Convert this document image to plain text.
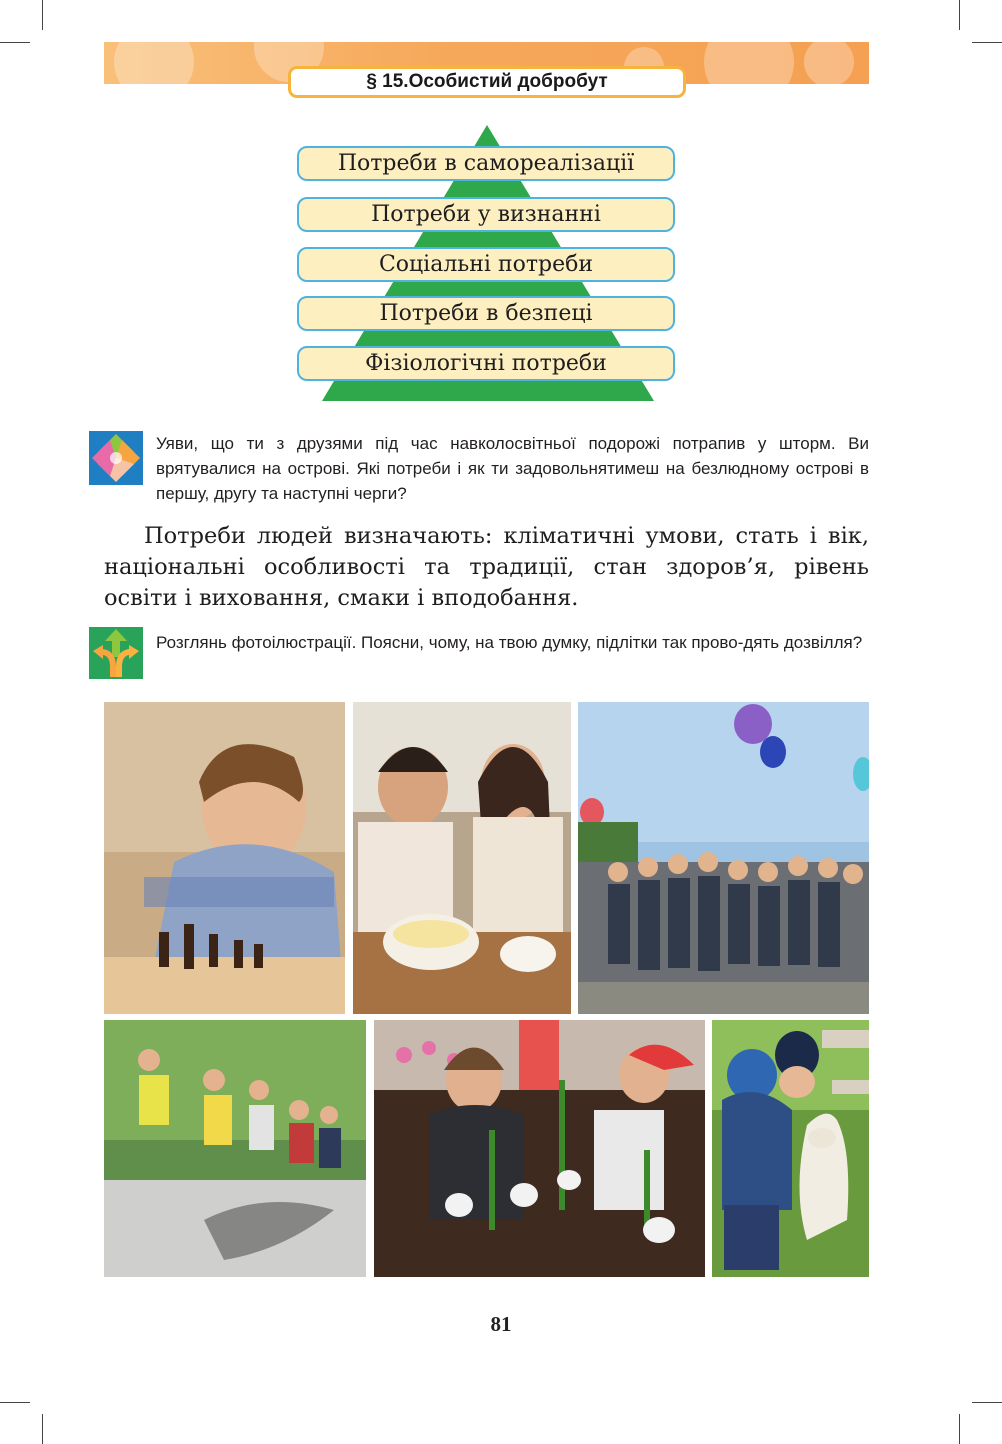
§ 15.Особистий добробут
Потреби в самореалізації
Потреби у визнанні
Соціальні потреби
Потреби в безпеці
Фізіологічні потреби
Уяви, що ти з друзями під час навколосвітньої подорожі потрапив у шторм. Ви врятувалися на острові. Які потреби і як ти задовольнятимеш на безлюдному острові в першу, другу та наступні черги?
Потреби людей визначають: кліматичні умови, стать і вік, національні особливості та традиції, стан здоров’я, рівень освіти і виховання, смаки і вподобання.
Розглянь фотоілюстрації. Поясни, чому, на твою думку, підлітки так прово-дять дозвілля?
81
